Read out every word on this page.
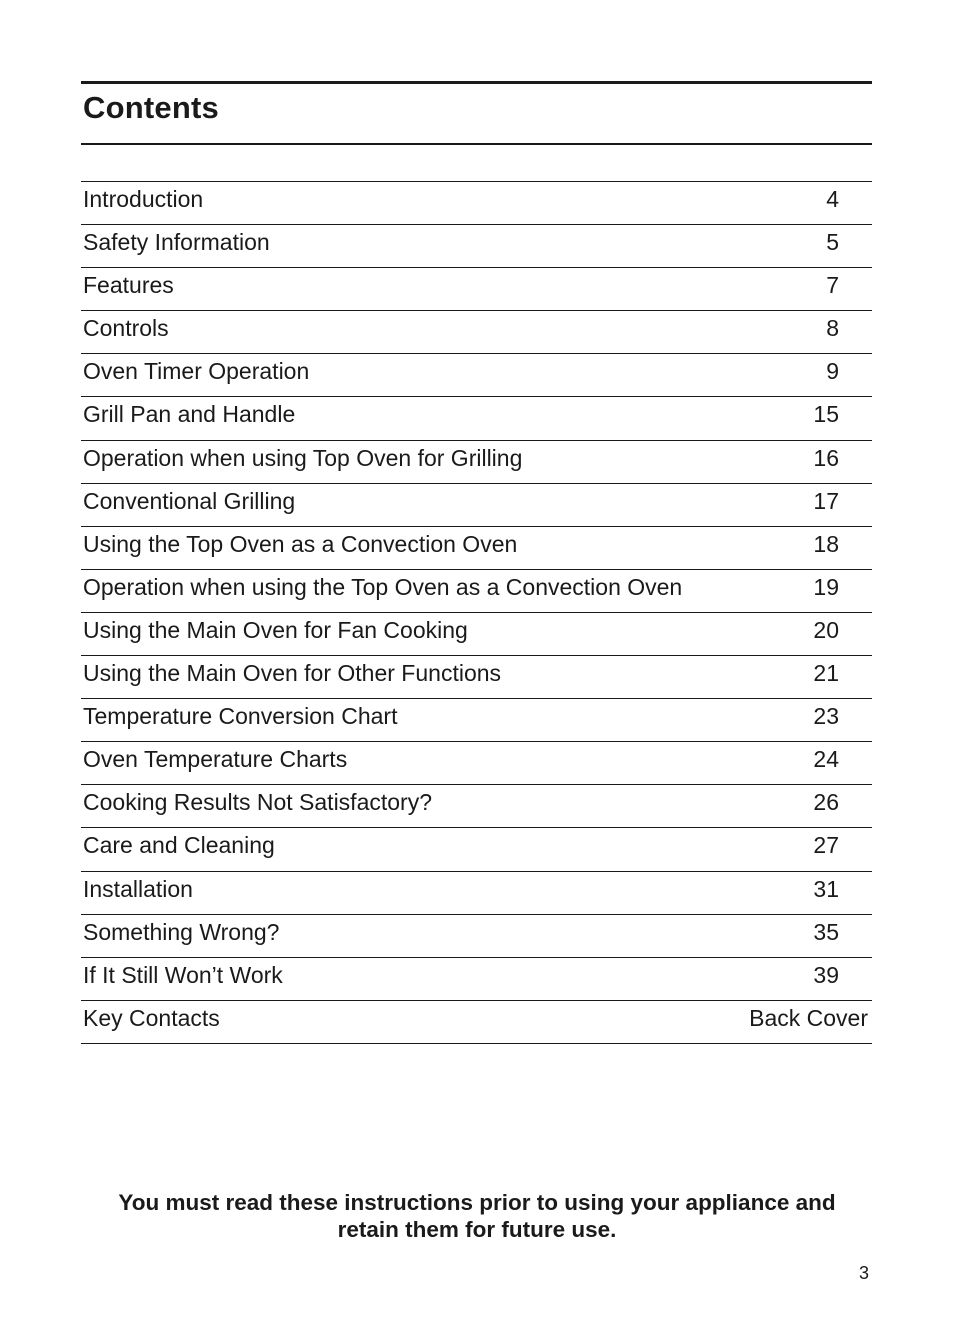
Contents
Introduction	4
Safety Information	5
Features	7
Controls	8
Oven Timer Operation	9
Grill Pan and Handle	15
Operation when using Top Oven for Grilling	16
Conventional Grilling	17
Using the Top Oven as a Convection Oven	18
Operation when using the Top Oven as a Convection Oven	19
Using the Main Oven for Fan Cooking	20
Using the Main Oven for Other Functions	21
Temperature Conversion Chart	23
Oven Temperature Charts	24
Cooking Results Not Satisfactory?	26
Care and Cleaning	27
Installation	31
Something Wrong?	35
If It Still Won’t Work	39
Key Contacts	Back Cover
You must read these instructions prior to using your appliance and
retain them for future use.
3
